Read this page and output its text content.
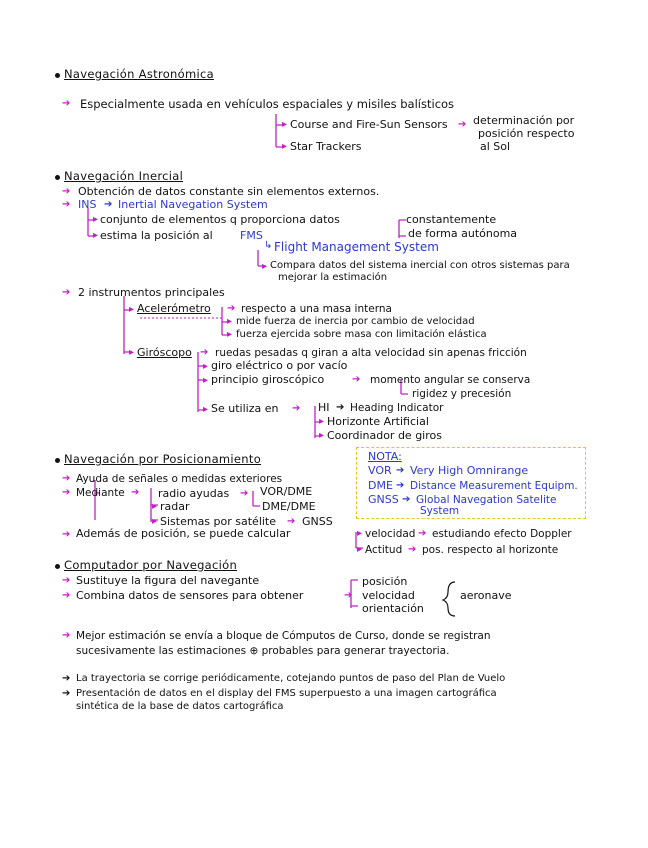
Navegación Astronómica
➔ Especialmente usada en vehículos espaciales y misiles balísticos
▸ Course and Fire-Sun Sensors ➔ determinación por
posición respecto
al Sol
▸ Star Trackers
Navegación Inercial
➔ Obtención de datos constante sin elementos externos.
➔ INS ➔ Inertial Navegation System
▸ conjunto de elementos q proporciona datos	constantemente
de forma autónoma
▸ estima la posición al FMS
↳ Flight Management System
▸ Compara datos del sistema inercial con otros sistemas para
mejorar la estimación
➔ 2 instrumentos principales
▸ Acelerómetro ➔ respecto a una masa interna
▸ mide fuerza de inercia por cambio de velocidad
▸ fuerza ejercida sobre masa con limitación elástica
▸ Giróscopo ➔ ruedas pesadas q giran a alta velocidad sin apenas fricción
▸ giro eléctrico o por vacío
▸ principio giroscópico	➔ momento angular se conserva
rigidez y precesión
▸ Se utiliza en ➔ HI ➔ Heading Indicator
▸ Horizonte Artificial
▸ Coordinador de giros
Navegación por Posicionamiento
➔ Ayuda de señales o medidas exteriores
➔ Mediante ➔ radio ayudas ➔ VOR/DME
DME/DME
▸ radar
▸ Sistemas por satélite ➔ GNSS
➔ Además de posición, se puede calcular	▸ velocidad ➔ estudiando efecto Doppler
▸ Actitud ➔ pos. respecto al horizonte
NOTA:
VOR ➔ Very High Omnirange
DME ➔ Distance Measurement Equipm.
GNSS ➔ Global Navegation Satelite
System
Computador por Navegación
➔ Sustituye la figura del navegante
➔ Combina datos de sensores para obtener
posición
velocidad
➔
orientación
aeronave
➔ Mejor estimación se envía a bloque de Cómputos de Curso, donde se registran
sucesivamente las estimaciones ⊕ probables para generar trayectoria.
➔ La trayectoria se corrige periódicamente, cotejando puntos de paso del Plan de Vuelo
➔ Presentación de datos en el display del FMS superpuesto a una imagen cartográfica
sintética de la base de datos cartográfica
